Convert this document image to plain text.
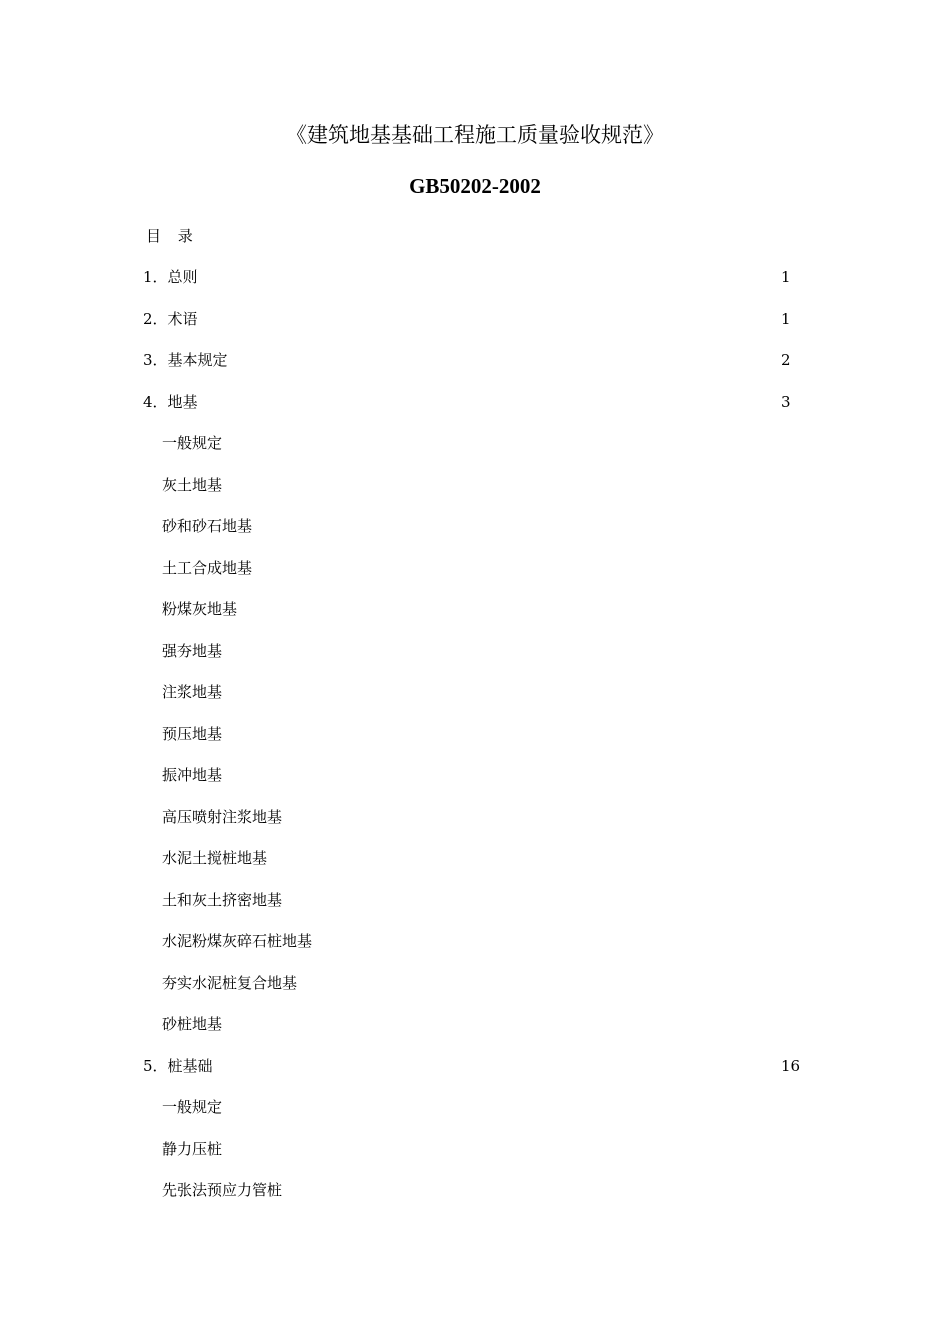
《建筑地基基础工程施工质量验收规范》
GB50202-2002
目 录
1．总则	1
2．术语	1
3．基本规定	2
4．地基	3
一般规定
灰土地基
砂和砂石地基
土工合成地基
粉煤灰地基
强夯地基
注浆地基
预压地基
振冲地基
高压喷射注浆地基
水泥土搅桩地基
土和灰土挤密地基
水泥粉煤灰碎石桩地基
夯实水泥桩复合地基
砂桩地基
5．桩基础	16
一般规定
静力压桩
先张法预应力管桩
